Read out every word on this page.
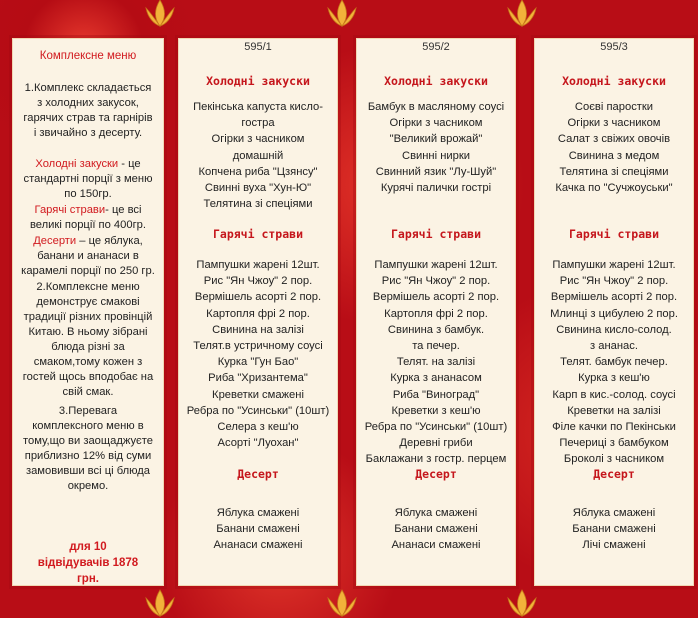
Комплексне меню
1.Комплекс складається з холодних закусок, гарячих страв та гарнірів і звичайно з десерту.
Холодні закуски - це стандартні порції з меню по 150гр.
Гарячі страви- це всі великі порції по 400гр.
Десерти – це яблука, банани и ананаси в карамелі порції по 250 гр.
2.Комплексне меню демонструє смакові традиції різних провінцій Китаю. В ньому зібрані блюда різні за смаком,тому кожен з гостей щось вподобає на свій смак.
3.Перевага комплексного меню в тому,що ви заощаджуєте приблизно 12% від суми замовивши всі ці блюда окремо.
для 10 відвідувачів 1878 грн.
595/1
Холодні закуски
Пекінська капуста кисло-
гостра
Огірки з часником
Копчена риба "Цзянсу"
Свинні вуха "Хун-Ю"
Телятина зі спеціями
домашній
Гарячі страви
Пампушки жарені 12шт.
Рис "Ян Чжоу" 2 пор.
Вермішель асорті 2 пор.
Картопля фрі 2 пор.
Свинина на залізі
Телят.в устричному соусі
Курка "Гун Бао"
Риба "Хризантема"
Креветки смажені
Ребра по "Усинськи" (10шт)
Селера з кеш'ю
Асорті "Луохан"
Десерт
Яблука смажені
Банани смажені
Ананаси смажені
595/2
Холодні закуски
Бамбук в масляному соусі
Огірки з часником
"Великий врожай"
Свинні нирки
Свинний язик "Лу-Шуй"
Курячі палички гострі
Гарячі страви
Пампушки жарені 12шт.
Рис "Ян Чжоу" 2 пор.
Вермішель асорті 2 пор.
Картопля фрі 2 пор.
Свинина з бамбук.
та печер.
Телят. на залізі
Курка з ананасом
Риба "Виноград"
Креветки з кеш'ю
Ребра по "Усинськи" (10шт)
Деревні гриби
Баклажани з гостр. перцем
Десерт
Яблука смажені
Банани смажені
Ананаси смажені
595/3
Холодні закуски
Соєві паростки
Огірки з часником
Салат з свіжих овочів
Свинина з медом
Телятина зі спеціями
Качка по "Сучжоуськи"
Гарячі страви
Пампушки жарені 12шт.
Рис "Ян Чжоу" 2 пор.
Вермішель асорті 2 пор.
Млинці з цибулею 2 пор.
Свинина кисло-солод.
з ананас.
Телят. бамбук печер.
Курка з кеш'ю
Карп в кис.-солод. соусі
Креветки на залізі
Філе качки по Пекінськи
Печериці з бамбуком
Броколі з часником
Десерт
Яблука смажені
Банани смажені
Лічі смажені
